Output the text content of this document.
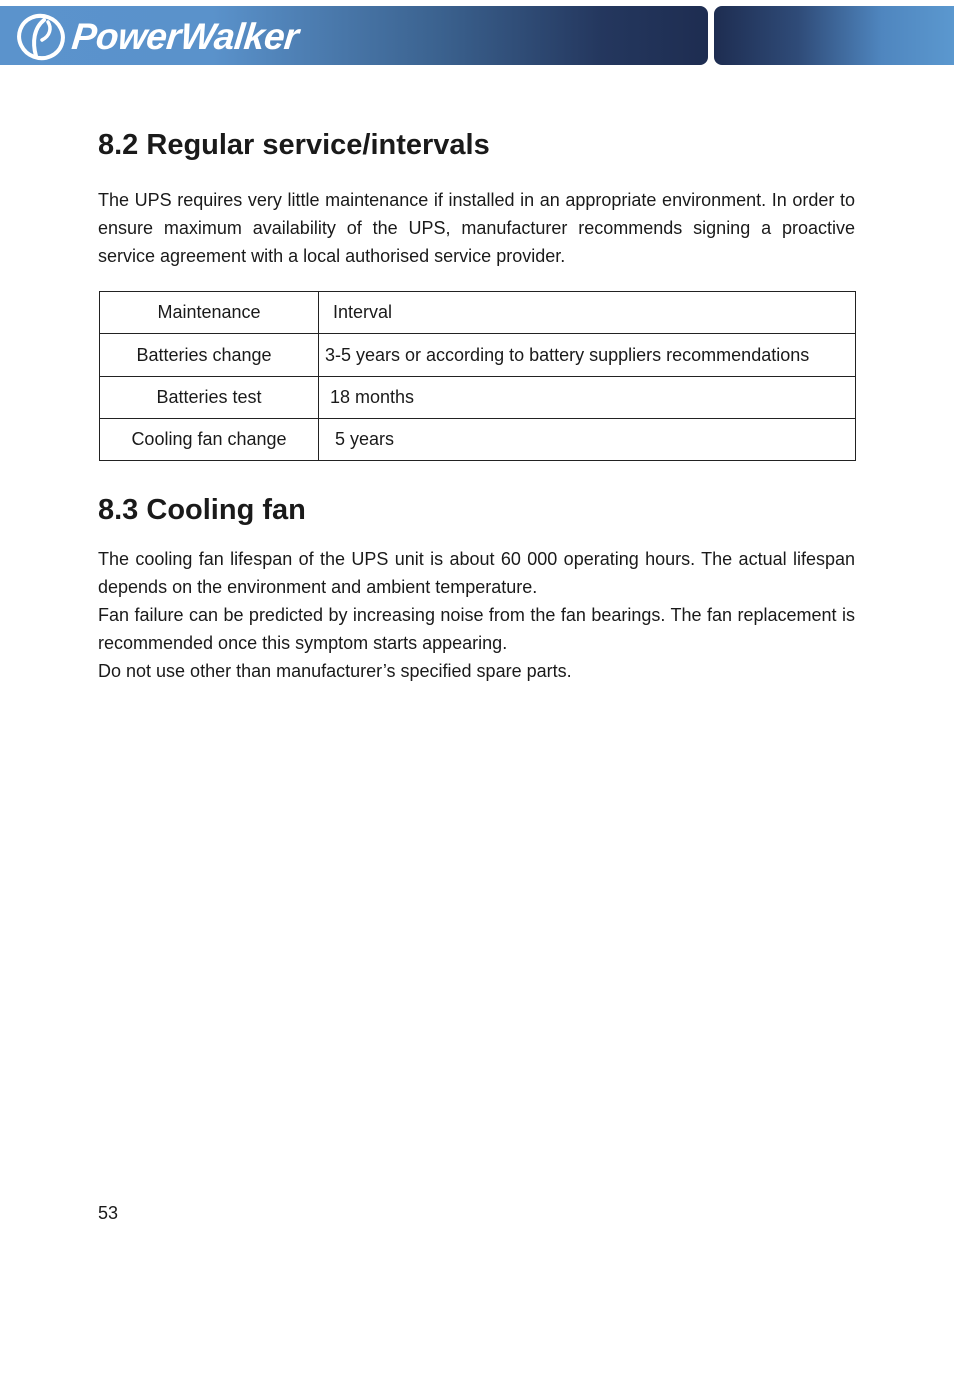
PowerWalker
8.2 Regular service/intervals

The UPS requires very little maintenance if installed in an appropriate environment. In order to ensure maximum availability of the UPS, manufacturer recommends signing a proactive service agreement with a local authorised service provider.

Maintenance	Interval
Batteries change	3-5 years or according to battery suppliers recommendations
Batteries test	18 months
Cooling fan change	5 years
8.3 Cooling fan
The cooling fan lifespan of the UPS unit is about 60 000 operating hours. The actual lifespan depends on the environment and ambient temperature.
Fan failure can be predicted by increasing noise from the fan bearings. The fan replacement is recommended once this symptom starts appearing.
Do not use other than manufacturer’s specified spare parts.
53
